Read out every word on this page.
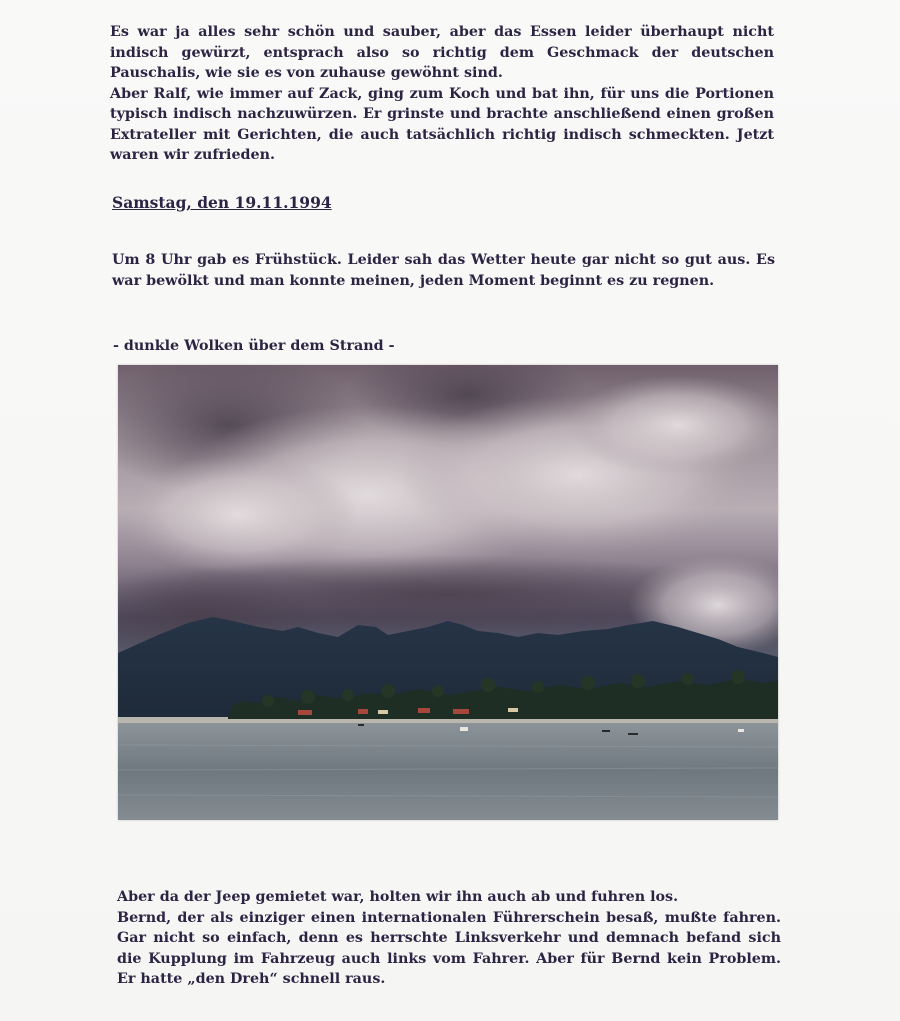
Es war ja alles sehr schön und sauber, aber das Essen leider überhaupt nicht indisch gewürzt, entsprach also so richtig dem Geschmack der deutschen Pauschalis, wie sie es von zuhause gewöhnt sind.
Aber Ralf, wie immer auf Zack, ging zum Koch und bat ihn, für uns die Portionen typisch indisch nachzuwürzen. Er grinste und brachte anschließend einen großen Extrateller mit Gerichten, die auch tatsächlich richtig indisch schmeckten. Jetzt waren wir zufrieden.
Samstag, den 19.11.1994
Um 8 Uhr gab es Frühstück. Leider sah das Wetter heute gar nicht so gut aus. Es war bewölkt und man konnte meinen, jeden Moment beginnt es zu regnen.
- dunkle Wolken über dem Strand -
Aber da der Jeep gemietet war, holten wir ihn auch ab und fuhren los.
Bernd, der als einziger einen internationalen Führerschein besaß, mußte fahren. Gar nicht so einfach, denn es herrschte Linksverkehr und demnach befand sich die Kupplung im Fahrzeug auch links vom Fahrer. Aber für Bernd kein Problem. Er hatte „den Dreh“ schnell raus.
